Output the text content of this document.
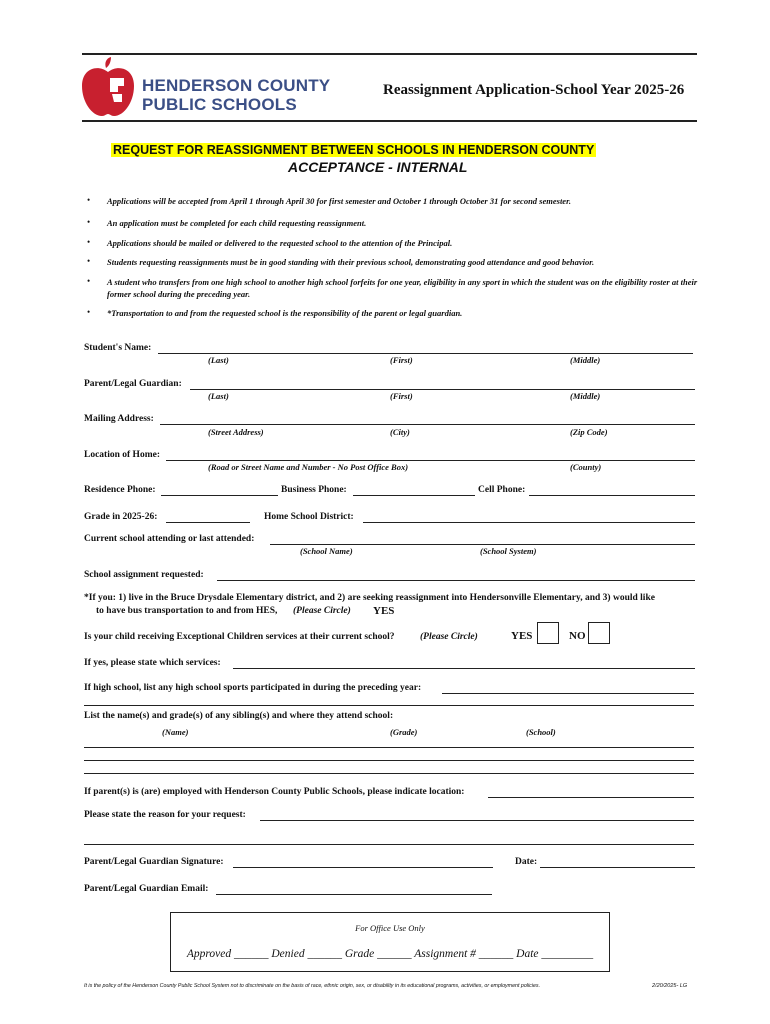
HENDERSON COUNTY
PUBLIC SCHOOLS
Reassignment Application-School Year 2025-26
REQUEST FOR REASSIGNMENT BETWEEN SCHOOLS IN HENDERSON COUNTY
ACCEPTANCE - INTERNAL
• Applications will be accepted from April 1 through April 30 for first semester and October 1 through October 31 for second semester.
• An application must be completed for each child requesting reassignment.
• Applications should be mailed or delivered to the requested school to the attention of the Principal.
• Students requesting reassignments must be in good standing with their previous school, demonstrating good attendance and good behavior.
• A student who transfers from one high school to another high school forfeits for one year, eligibility in any sport in which the student was on the eligibility roster at their former school during the preceding year.
• *Transportation to and from the requested school is the responsibility of the parent or legal guardian.
Student's Name:
(Last)	(First)	(Middle)
Parent/Legal Guardian:
(Last)	(First)	(Middle)
Mailing Address:
(Street Address)	(City)	(Zip Code)
Location of Home:
(Road or Street Name and Number - No Post Office Box)	(County)
Residence Phone:	Business Phone:	Cell Phone:
Grade in 2025-26:	Home School District:
Current school attending or last attended:
(School Name)	(School System)
School assignment requested:
*If you: 1) live in the Bruce Drysdale Elementary district, and 2) are seeking reassignment into Hendersonville Elementary, and 3) would like
to have bus transportation to and from HES, (Please Circle) YES
Is your child receiving Exceptional Children services at their current school?	(Please Circle)	YES	NO
If yes, please state which services:
If high school, list any high school sports participated in during the preceding year:
List the name(s) and grade(s) of any sibling(s) and where they attend school:
(Name)	(Grade)	(School)
If parent(s) is (are) employed with Henderson County Public Schools, please indicate location:
Please state the reason for your request:
Parent/Legal Guardian Signature:	Date:
Parent/Legal Guardian Email:
For Office Use Only
Approved ______ Denied ______ Grade ______ Assignment # ______ Date _________
It is the policy of the Henderson County Public School System not to discriminate on the basis of race, ethnic origin, sex, or disability in its educational programs, activities, or employment policies.	2/20/2025- LG
